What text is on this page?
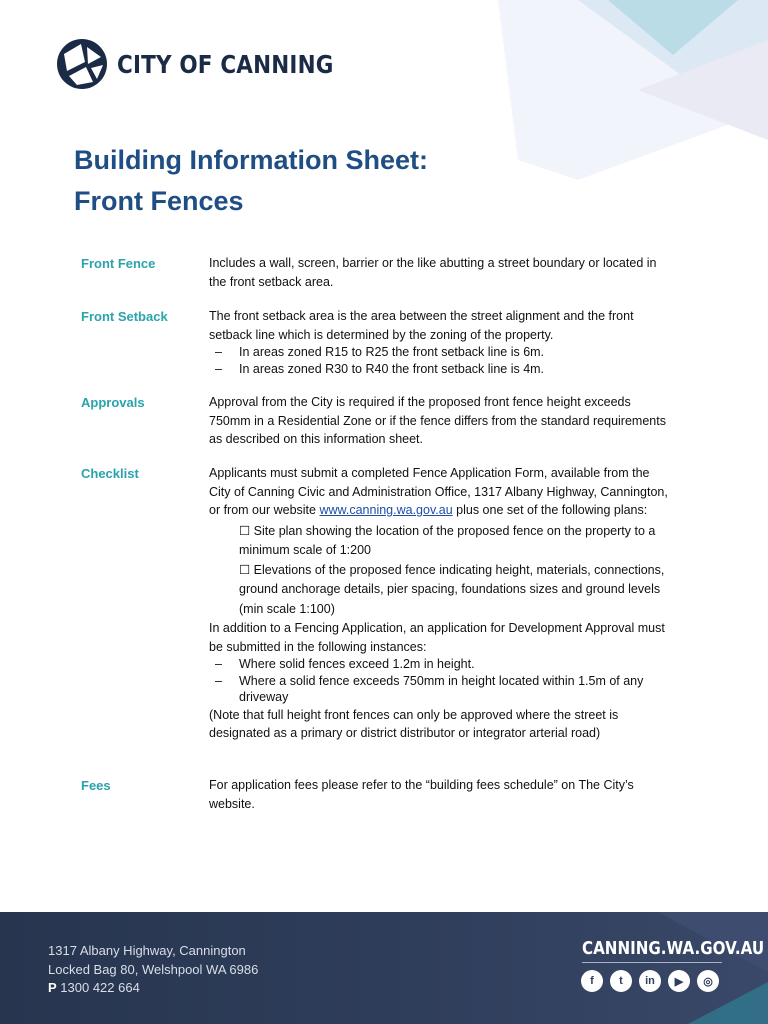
CITY OF CANNING
Building Information Sheet:
Front Fences
Front Fence	Includes a wall, screen, barrier or the like abutting a street boundary or located in the front setback area.

Front Setback	The front setback area is the area between the street alignment and the front setback line which is determined by the zoning of the property.

– In areas zoned R15 to R25 the front setback line is 6m.
– In areas zoned R30 to R40 the front setback line is 4m.
Approvals	Approval from the City is required if the proposed front fence height exceeds 750mm in a Residential Zone or if the fence differs from the standard requirements as described on this information sheet.

Checklist	Applicants must submit a completed Fence Application Form, available from the City of Canning Civic and Administration Office, 1317 Albany Highway, Cannington, or from our website www.canning.wa.gov.au plus one set of the following plans:

☐ Site plan showing the location of the proposed fence on the property to a minimum scale of 1:200

☐ Elevations of the proposed fence indicating height, materials, connections, ground anchorage details, pier spacing, foundations sizes and ground levels (min scale 1:100)

In addition to a Fencing Application, an application for Development Approval must be submitted in the following instances:

– Where solid fences exceed 1.2m in height.
– Where a solid fence exceeds 750mm in height located within 1.5m of any driveway

(Note that full height front fences can only be approved where the street is designated as a primary or district distributor or integrator arterial road)

Fees	For application fees please refer to the “building fees schedule” on The City’s website.

1317 Albany Highway, Cannington
Locked Bag 80, Welshpool WA 6986
P 1300 422 664
CANNING.WA.GOV.AU
f	t	in	▶	◎
